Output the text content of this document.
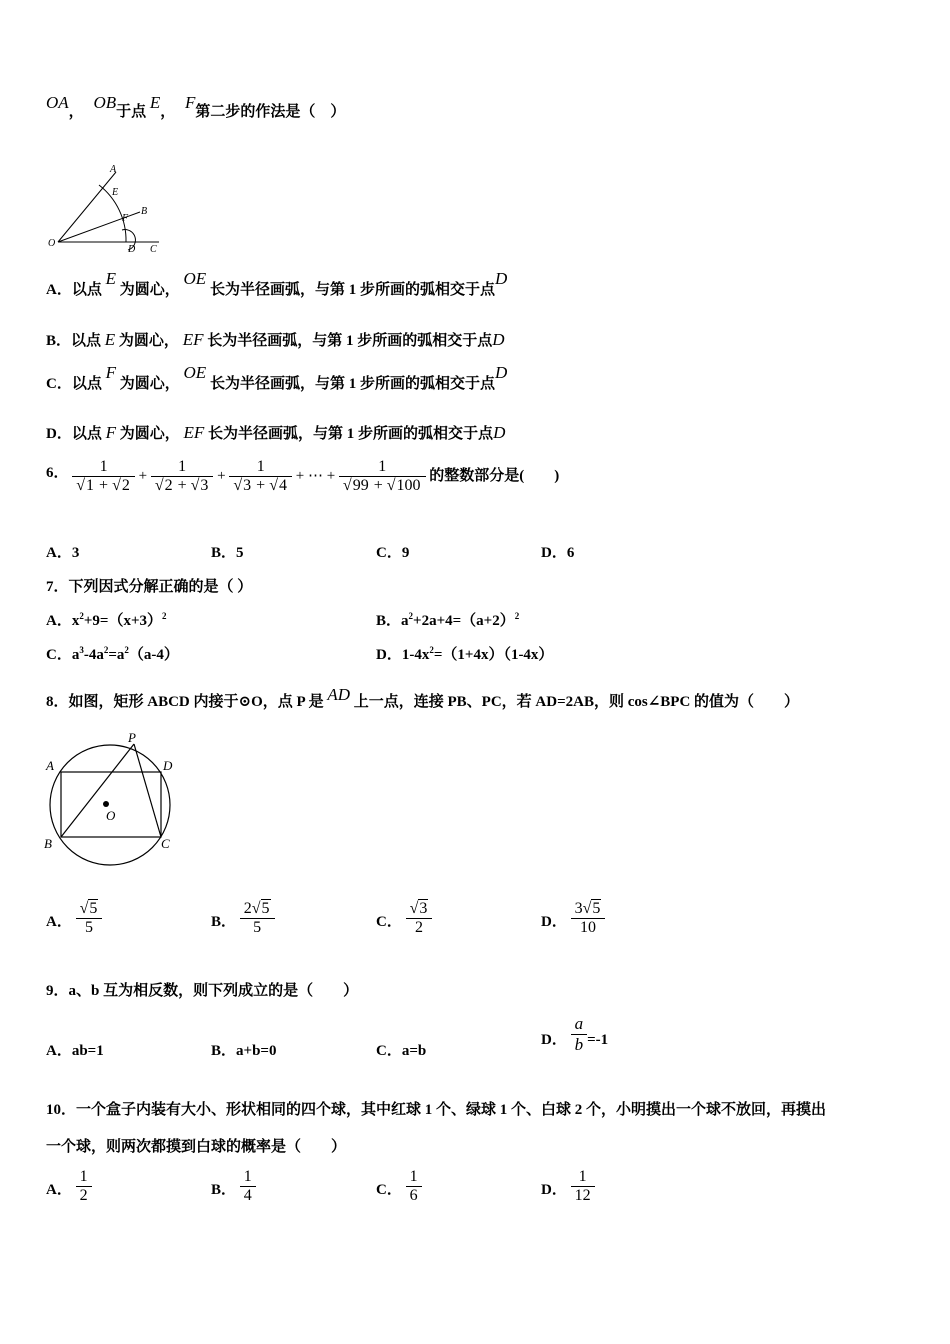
OA， OB于点 E， F第二步的作法是（　）
A
E
B
F
O
D C
A．以点 E 为圆心， OE 长为半径画弧，与第 1 步所画的弧相交于点D
B．以点 E 为圆心， EF 长为半径画弧，与第 1 步所画的弧相交于点D
C．以点 F 为圆心， OE 长为半径画弧，与第 1 步所画的弧相交于点D
D．以点 F 为圆心， EF 长为半径画弧，与第 1 步所画的弧相交于点D
6． $\frac{1}{√1 + √2} + \frac{1}{√2 + √3} + \frac{1}{√3 + √4}$ + ⋯ + $\frac{1}{√99 + √100}$ 的整数部分是(　　)
A．3	B．5	C．9	D．6
7．下列因式分解正确的是（ ）
A．$x^2+9=(x+3)^2$	B．$a^2+2a+4=(a+2)^2$
C．$a^3-4a^2=a^2(a-4)$	D．$1-4x^2=(1+4x)(1-4x)$
8．如图，矩形 ABCD 内接于⊙O，点 P 是 AD 上一点，连接 PB、PC，若 AD=2AB，则 cos∠BPC 的值为（　　）
P
A	D
O
B	C
A． $\frac{√5}{5}$	B． $\frac{2√5}{5}$	C． $\frac{√3}{2}$	D． $\frac{3√5}{10}$
9．a、b 互为相反数，则下列成立的是（　　）
A．ab=1	B．a+b=0	C．a=b
D． $\frac{a}{b} =-1$
10．一个盒子内装有大小、形状相同的四个球，其中红球 1 个、绿球 1 个、白球 2 个，小明摸出一个球不放回，再摸出
一个球，则两次都摸到白球的概率是（　　）
A． $\frac{1}{2}$	B． $\frac{1}{4}$	C． $\frac{1}{6}$	D． $\frac{1}{12}$
